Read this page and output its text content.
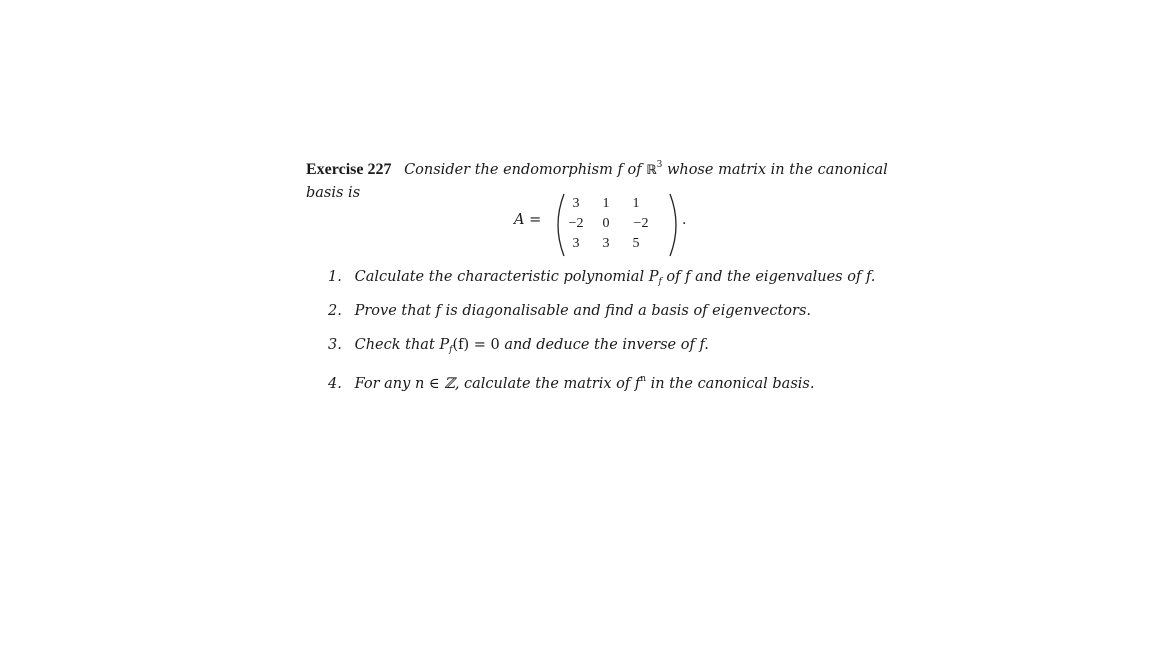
Exercise 227 Consider the endomorphism f of ℝ$^3$ whose matrix in the canonical
basis is
A =
3	1	1
−2	0	−2
3	3	5
.
1. Calculate the characteristic polynomial $P_f$ of f and the eigenvalues of f.
2. Prove that f is diagonalisable and find a basis of eigenvectors.
3. Check that $P_f(f) = 0$ and deduce the inverse of f.
4. For any n ∈ ℤ, calculate the matrix of $f^n$ in the canonical basis.
